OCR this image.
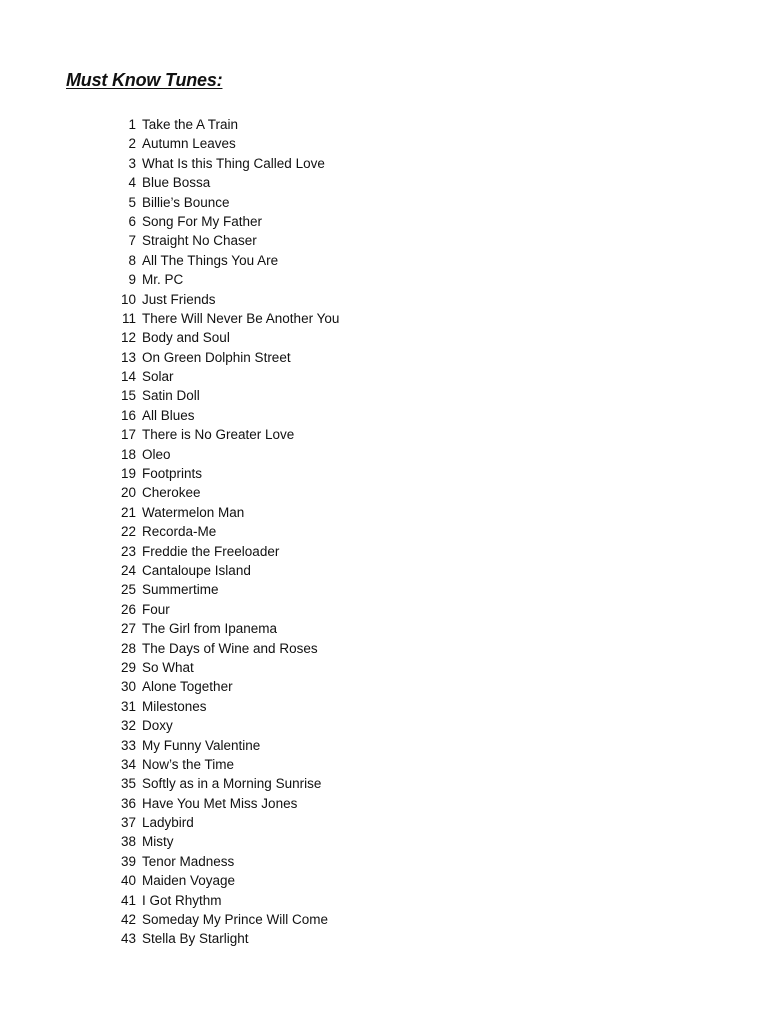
Must Know Tunes:
1 Take the A Train
2 Autumn Leaves
3 What Is this Thing Called Love
4 Blue Bossa
5 Billie’s Bounce
6 Song For My Father
7 Straight No Chaser
8 All The Things You Are
9 Mr. PC
10 Just Friends
11 There Will Never Be Another You
12 Body and Soul
13 On Green Dolphin Street
14 Solar
15 Satin Doll
16 All Blues
17 There is No Greater Love
18 Oleo
19 Footprints
20 Cherokee
21 Watermelon Man
22 Recorda-Me
23 Freddie the Freeloader
24 Cantaloupe Island
25 Summertime
26 Four
27 The Girl from Ipanema
28 The Days of Wine and Roses
29 So What
30 Alone Together
31 Milestones
32 Doxy
33 My Funny Valentine
34 Now’s the Time
35 Softly as in a Morning Sunrise
36 Have You Met Miss Jones
37 Ladybird
38 Misty
39 Tenor Madness
40 Maiden Voyage
41 I Got Rhythm
42 Someday My Prince Will Come
43 Stella By Starlight
